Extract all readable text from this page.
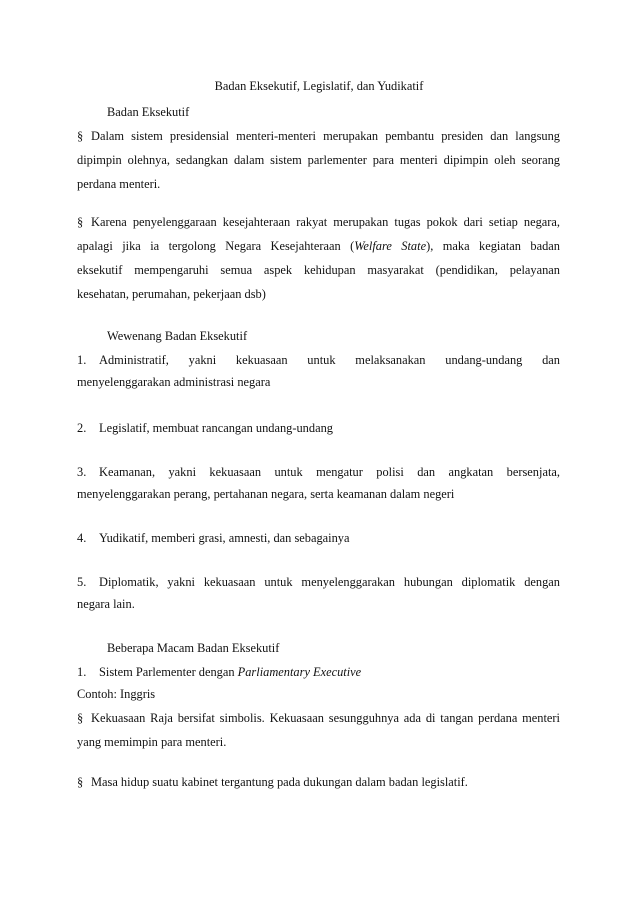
Badan Eksekutif, Legislatif, dan Yudikatif
Badan Eksekutif
§ Dalam sistem presidensial menteri-menteri merupakan pembantu presiden dan langsung
dipimpin olehnya, sedangkan dalam sistem parlementer para menteri dipimpin oleh seorang
perdana menteri.
§ Karena penyelenggaraan kesejahteraan rakyat merupakan tugas pokok dari setiap negara,
apalagi jika ia tergolong Negara Kesejahteraan (Welfare State), maka kegiatan badan
eksekutif mempengaruhi semua aspek kehidupan masyarakat (pendidikan, pelayanan
kesehatan, perumahan, pekerjaan dsb)
Wewenang Badan Eksekutif
1. Administratif, yakni kekuasaan untuk melaksanakan undang-undang dan
menyelenggarakan administrasi negara
2. Legislatif, membuat rancangan undang-undang
3. Keamanan, yakni kekuasaan untuk mengatur polisi dan angkatan bersenjata,
menyelenggarakan perang, pertahanan negara, serta keamanan dalam negeri
4. Yudikatif, memberi grasi, amnesti, dan sebagainya
5. Diplomatik, yakni kekuasaan untuk menyelenggarakan hubungan diplomatik dengan
negara lain.
Beberapa Macam Badan Eksekutif
1. Sistem Parlementer dengan Parliamentary Executive
Contoh: Inggris
§ Kekuasaan Raja bersifat simbolis. Kekuasaan sesungguhnya ada di tangan perdana menteri
yang memimpin para menteri.
§ Masa hidup suatu kabinet tergantung pada dukungan dalam badan legislatif.
